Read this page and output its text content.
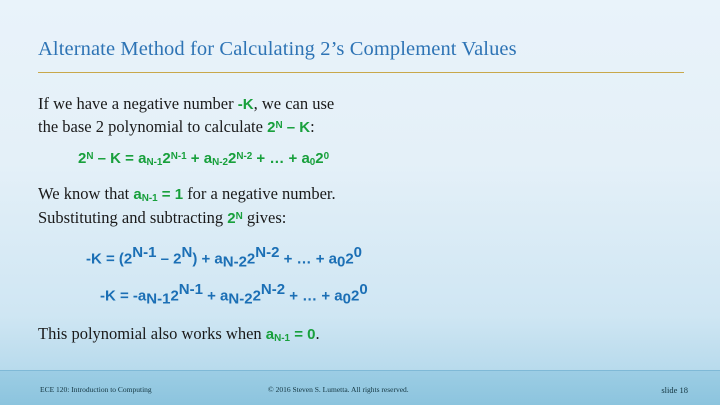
Alternate Method for Calculating 2’s Complement Values
If we have a negative number -K, we can use
the base 2 polynomial to calculate $2^N$ – K:
$2^N - K = a_{N-1}2^{N-1} + a_{N-2}2^{N-2}$ + … + $a_02^0$
We know that $a_{N-1} = 1$ for a negative number.
Substituting and subtracting $2^N$ gives:
$-K = (2^{N-1} - 2^N) + a_{N-2}2^{N-2}$ + … + $a_02^0$
$-K = -a_{N-1}2^{N-1} + a_{N-2}2^{N-2}$ + … + $a_02^0$
This polynomial also works when $a_{N-1} = 0$.
ECE 120: Introduction to Computing	© 2016 Steven S. Lumetta. All rights reserved.	slide 18
